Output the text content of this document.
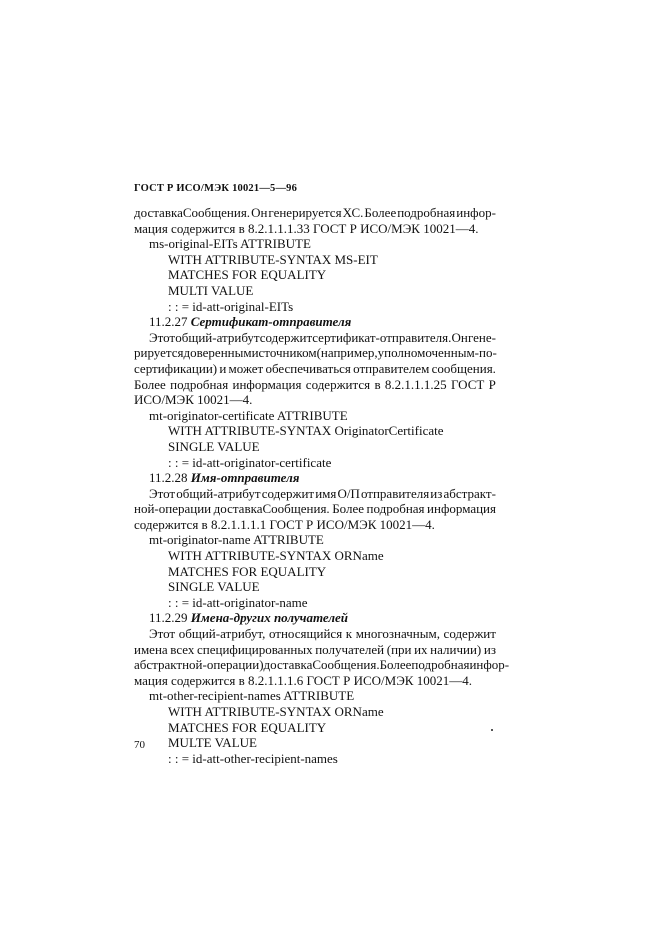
ГОСТ Р ИСО/МЭК 10021—5—96
доставкаСообщения. Он генерируется ХС. Более подробная инфор-
мация содержится в 8.2.1.1.1.33 ГОСТ Р ИСО/МЭК 10021—4.
ms-original-EITs ATTRIBUTE
WITH ATTRIBUTE-SYNTAX MS-EIT
MATCHES FOR EQUALITY
MULTI VALUE
: : = id-att-original-EITs
11.2.27 Сертификат-отправителя
Этот общий-атрибут содержит сертификат-отправителя. Он гене-
рируется доверенным источником (например, уполномоченным-по-
сертификации) и может обеспечиваться отправителем сообщения.
Более подробная информация содержится в 8.2.1.1.1.25 ГОСТ Р
ИСО/МЭК 10021—4.
mt-originator-certificate ATTRIBUTE
WITH ATTRIBUTE-SYNTAX OriginatorCertificate
SINGLE VALUE
: : = id-att-originator-certificate
11.2.28 Имя-отправителя
Этот общий-атрибут содержит имя О/П отправителя из абстракт-
ной-операции доставкаСообщения. Более подробная информация
содержится в 8.2.1.1.1.1 ГОСТ Р ИСО/МЭК 10021—4.
mt-originator-name ATTRIBUTE
WITH ATTRIBUTE-SYNTAX ORName
MATCHES FOR EQUALITY
SINGLE VALUE
: : = id-att-originator-name
11.2.29 Имена-других получателей
Этот общий-атрибут, относящийся к многозначным, содержит
имена всех специфицированных получателей (при их наличии) из
абстрактной-операции) доставкаСообщения. Более подробная инфор-
мация содержится в 8.2.1.1.1.6 ГОСТ Р ИСО/МЭК 10021—4.
mt-other-recipient-names ATTRIBUTE
WITH ATTRIBUTE-SYNTAX ORName
MATCHES FOR EQUALITY
MULTE VALUE
: : = id-att-other-recipient-names
70
